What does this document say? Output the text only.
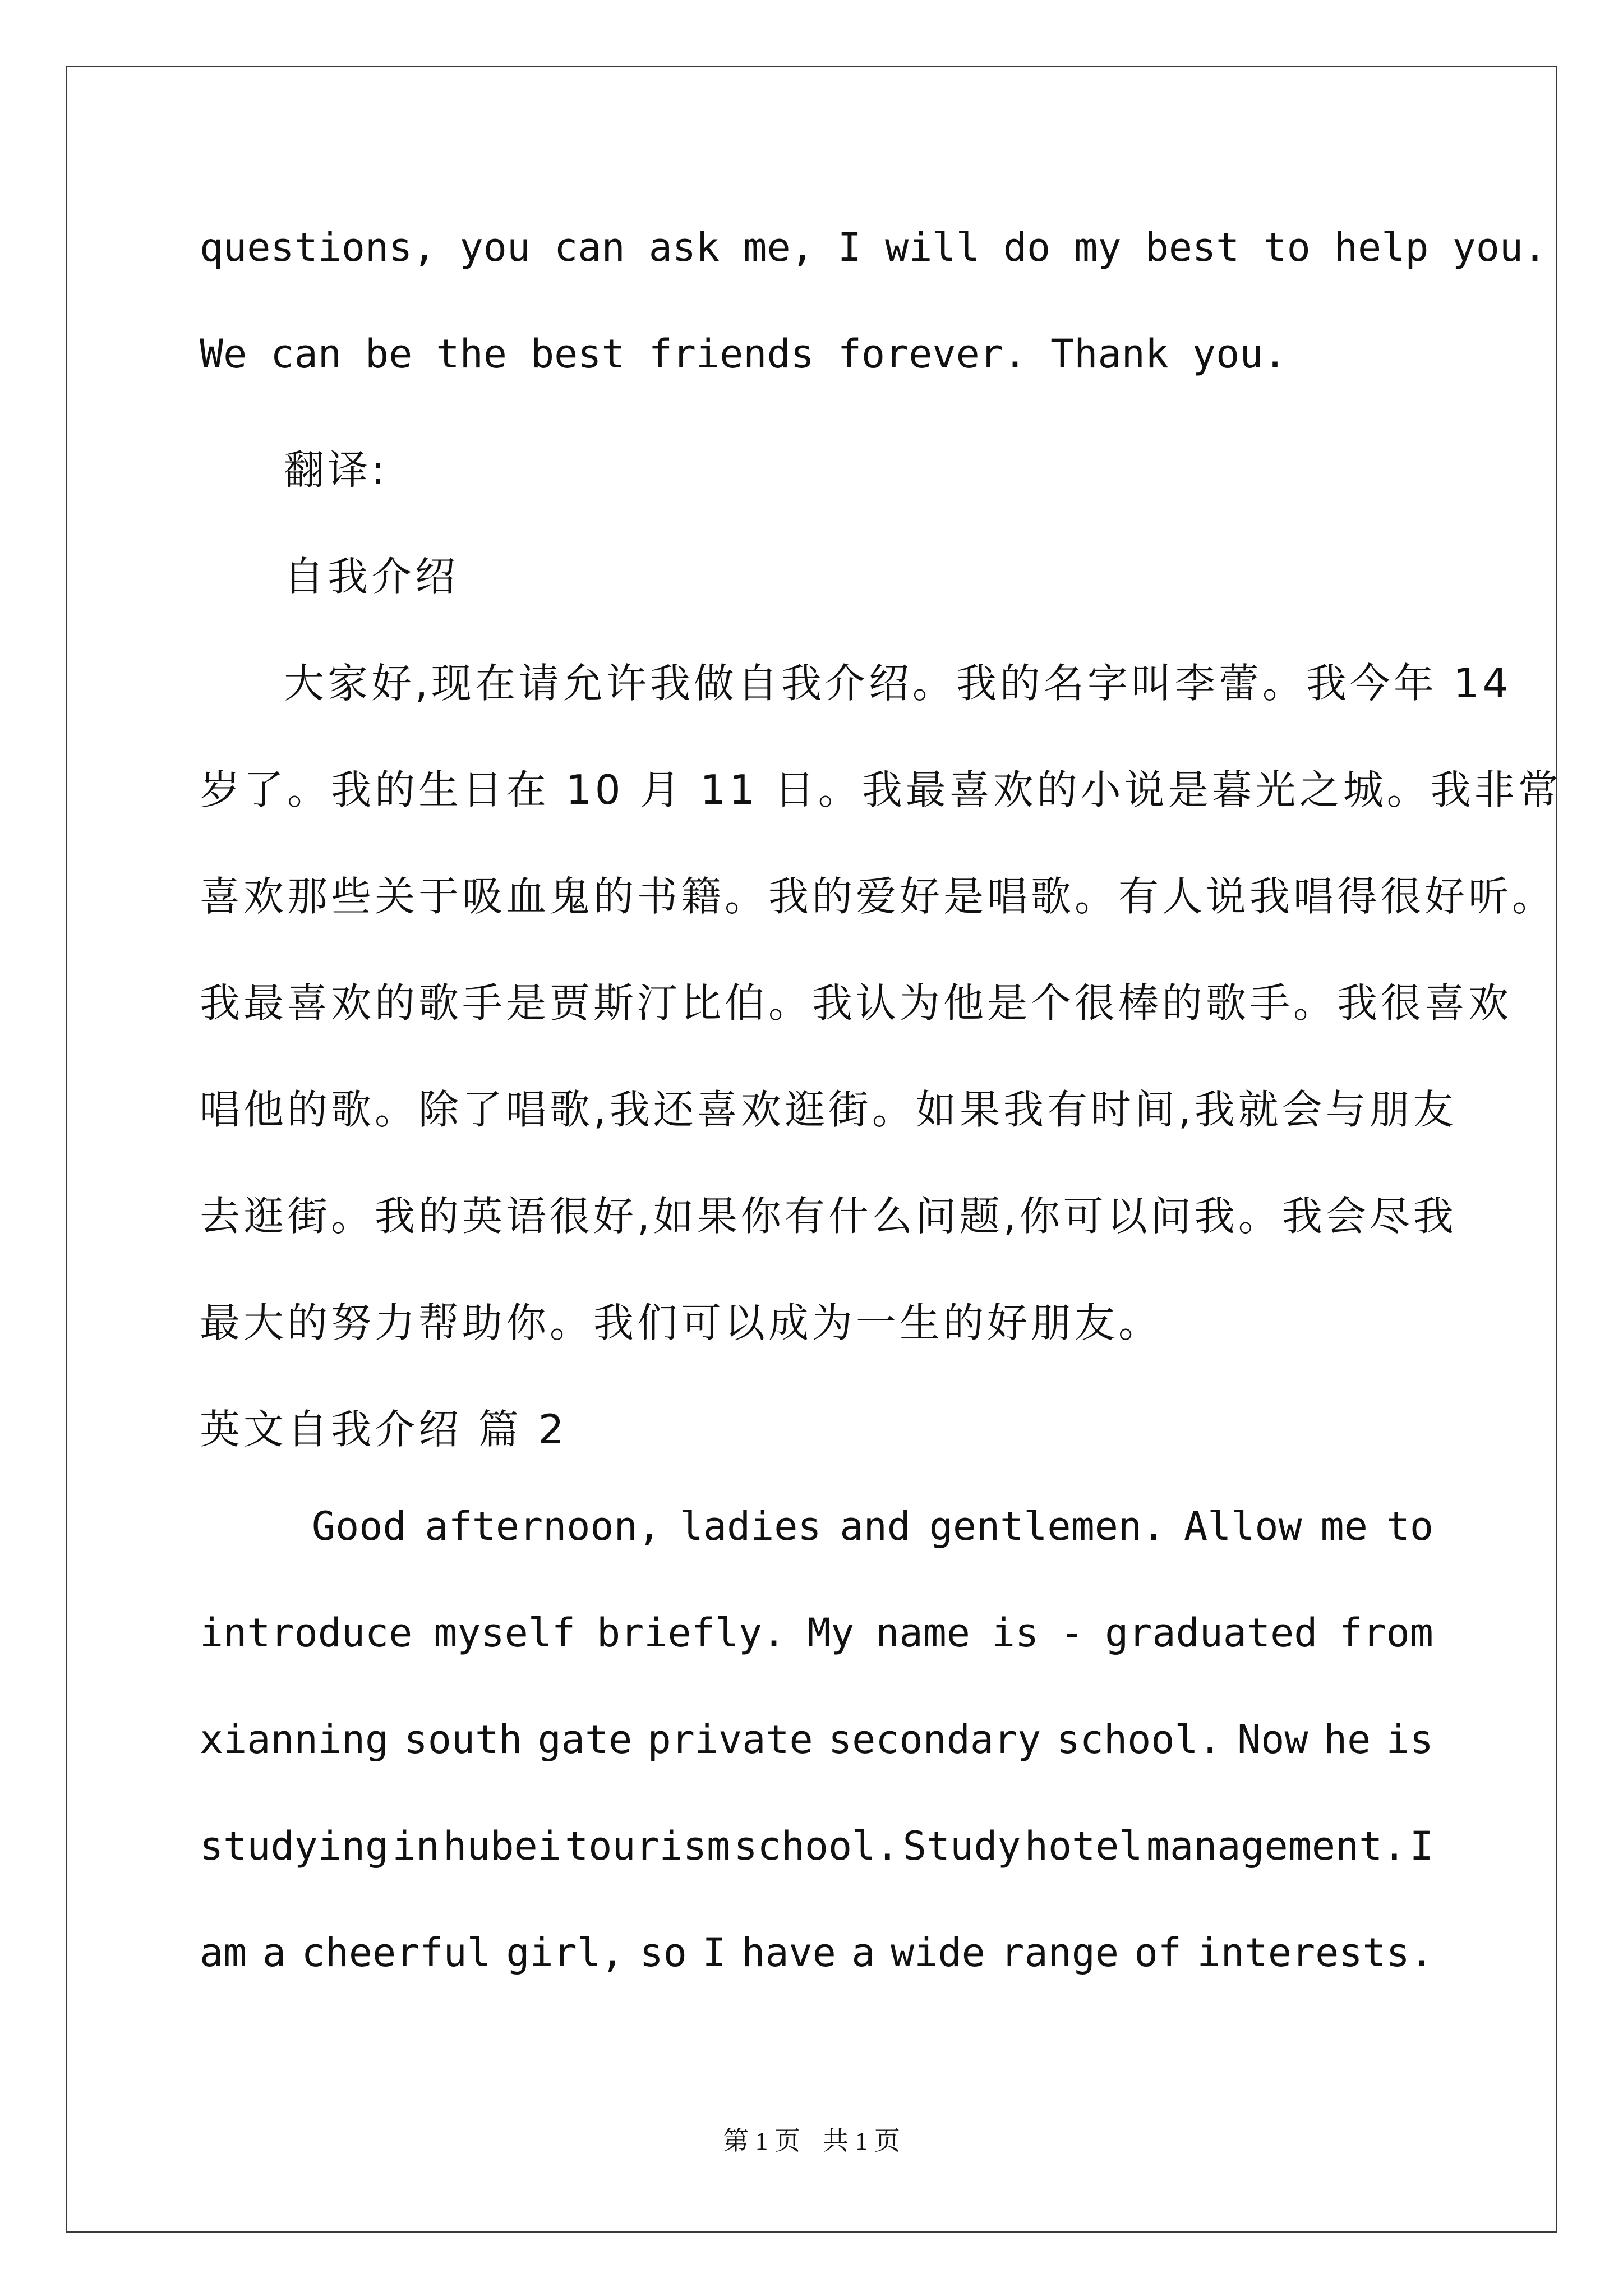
questions, you can ask me, I will do my best to help you.
We can be the best friends forever. Thank you.
翻译:
自我介绍
大家好,现在请允许我做自我介绍。我的名字叫李蕾。我今年 14
岁了。我的生日在 10 月 11 日。我最喜欢的小说是暮光之城。我非常
喜欢那些关于吸血鬼的书籍。我的爱好是唱歌。有人说我唱得很好听。
我最喜欢的歌手是贾斯汀比伯。我认为他是个很棒的歌手。我很喜欢
唱他的歌。除了唱歌,我还喜欢逛街。如果我有时间,我就会与朋友
去逛街。我的英语很好,如果你有什么问题,你可以问我。我会尽我
最大的努力帮助你。我们可以成为一生的好朋友。
英文自我介绍 篇 2
Good afternoon, ladies and gentlemen. Allow me to
introduce myself briefly. My name is - graduated from
xianning south gate private secondary school. Now he is
studying in hubei tourism school. Study hotel management. I
am a cheerful girl, so I have a wide range of interests.
第 1 页 共 1 页
